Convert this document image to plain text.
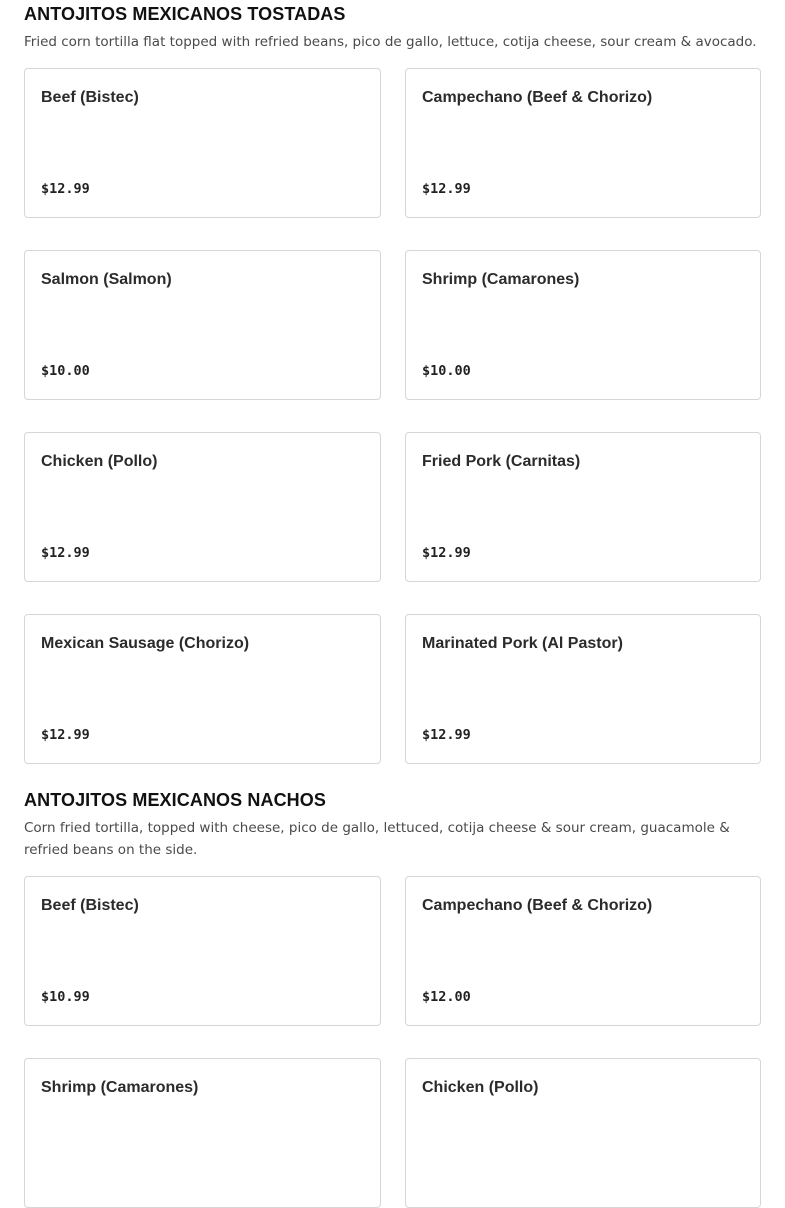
ANTOJITOS MEXICANOS TOSTADAS

Fried corn tortilla flat topped with refried beans, pico de gallo, lettuce, cotija cheese, sour cream & avocado.

Beef (Bistec)
$12.99
Campechano (Beef & Chorizo)
$12.99
Salmon (Salmon)
$10.00
Shrimp (Camarones)
$10.00
Chicken (Pollo)
$12.99
Fried Pork (Carnitas)
$12.99
Mexican Sausage (Chorizo)
$12.99
Marinated Pork (Al Pastor)
$12.99
ANTOJITOS MEXICANOS NACHOS

Corn fried tortilla, topped with cheese, pico de gallo, lettuced, cotija cheese & sour cream, guacamole & refried beans on the side.

Beef (Bistec)
$10.99
Campechano (Beef & Chorizo)
$12.00
Shrimp (Camarones)	Chicken (Pollo)
